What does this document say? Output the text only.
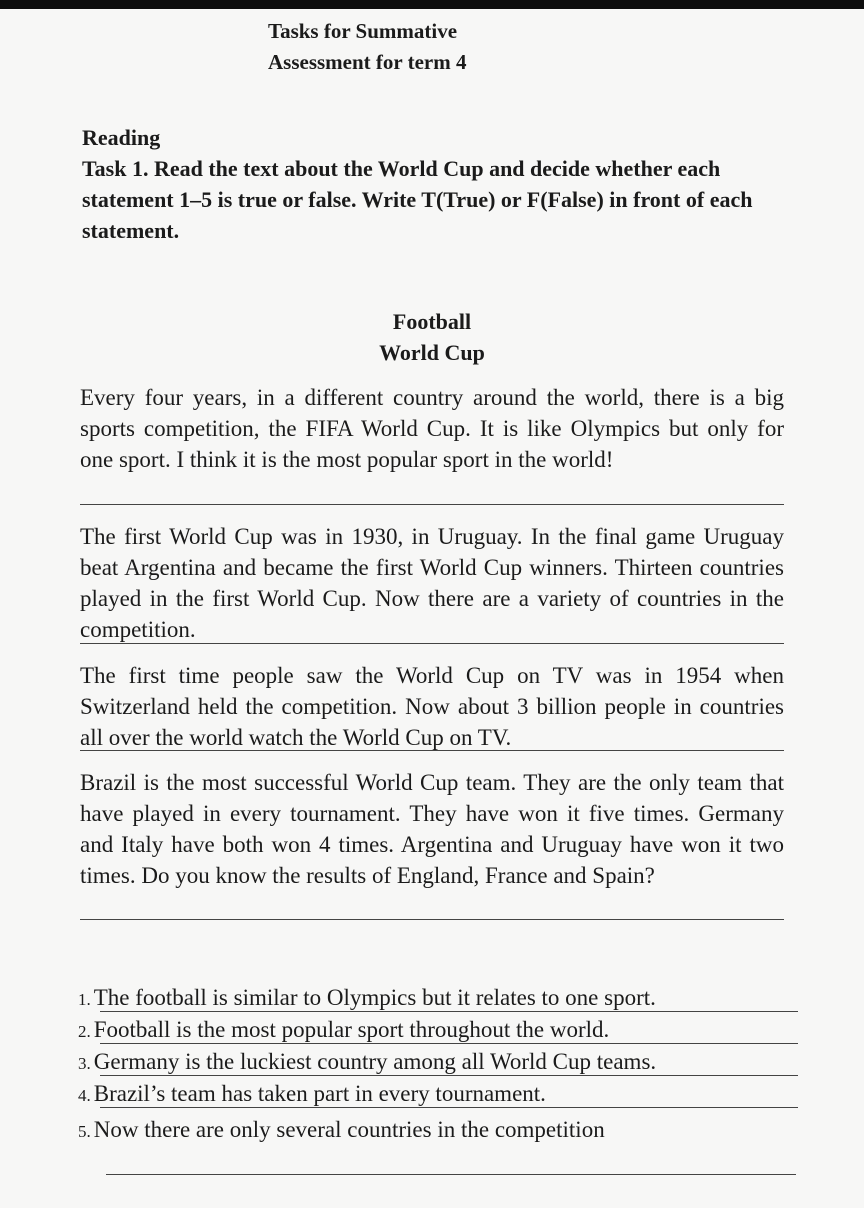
Tasks for Summative
Assessment for term 4
Reading
Task 1. Read the text about the World Cup and decide whether each statement 1–5 is true or false. Write T(True) or F(False) in front of each statement.
Football
World Cup
Every four years, in a different country around the world, there is a big sports competition, the FIFA World Cup. It is like Olympics but only for one sport. I think it is the most popular sport in the world!
The first World Cup was in 1930, in Uruguay. In the final game Uruguay beat Argentina and became the first World Cup winners. Thirteen countries played in the first World Cup. Now there are a variety of countries in the competition.
The first time people saw the World Cup on TV was in 1954 when Switzerland held the competition. Now about 3 billion people in countries all over the world watch the World Cup on TV.
Brazil is the most successful World Cup team. They are the only team that have played in every tournament. They have won it five times. Germany and Italy have both won 4 times. Argentina and Uruguay have won it two times. Do you know the results of England, France and Spain?
1. The football is similar to Olympics but it relates to one sport.
2. Football is the most popular sport throughout the world.
3. Germany is the luckiest country among all World Cup teams.
4. Brazil’s team has taken part in every tournament.
5. Now there are only several countries in the competition
